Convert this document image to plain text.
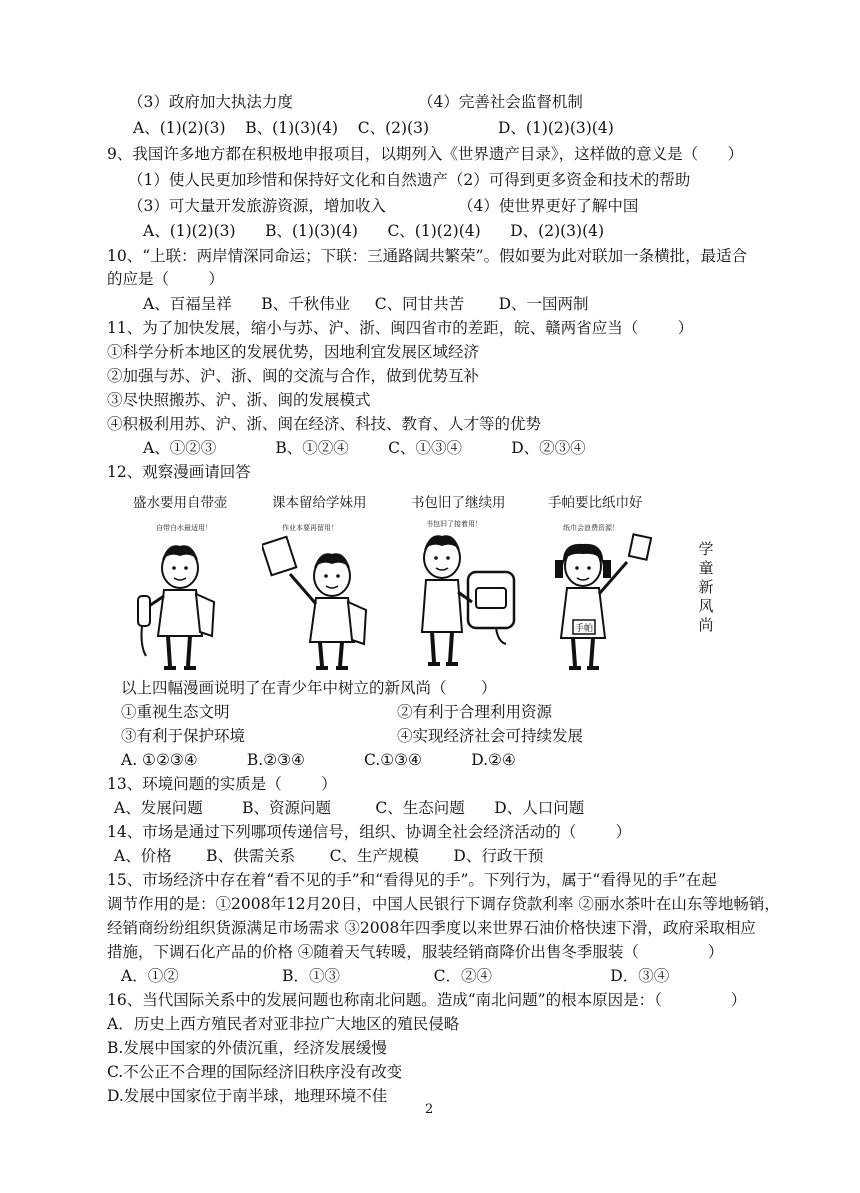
（3）政府加大执法力度	（4）完善社会监督机制
A、(1)(2)(3)    B、(1)(3)(4)    C、(2)(3)              D、(1)(2)(3)(4)
9、我国许多地方都在积极地申报项目，以期列入《世界遗产目录》，这样做的意义是（      ）
（1）使人民更加珍惜和保持好文化和自然遗产（2）可得到更多资金和技术的帮助
（3）可大量开发旅游资源，增加收入	（4）使世界更好了解中国
A、(1)(2)(3)      B、(1)(3)(4)      C、(1)(2)(4)      D、(2)(3)(4)
10、“上联：两岸情深同命运；下联：三通路阔共繁荣”。假如要为此对联加一条横批，最适合
的应是（        ）
A、百福呈祥      B、千秋伟业     C、同甘共苦       D、一国两制
11、为了加快发展，缩小与苏、沪、浙、闽四省市的差距，皖、赣两省应当（        ）
①科学分析本地区的发展优势，因地利宜发展区域经济
②加强与苏、沪、浙、闽的交流与合作，做到优势互补
③尽快照搬苏、沪、浙、闽的发展模式
④积极利用苏、沪、浙、闽在经济、科技、教育、人才等的优势
A、①②③            B、①②④        C、①③④          D、②③④
12、观察漫画请回答
盛水要用自带壶	课本留给学妹用	书包旧了继续用	手帕要比纸巾好
学童新风尚
自带白水最适用！	作业本要再留用！	书包旧了接着用！	纸巾会浪费资源！
手帕
以上四幅漫画说明了在青少年中树立的新风尚（       ）
①重视生态文明	②有利于合理利用资源
③有利于保护环境	④实现经济社会可持续发展
A. ①②③④          B.②③④            C.①③④          D.②④
13、环境问题的实质是（        ）
A、发展问题        B、资源问题         C、生态问题      D、人口问题
14、市场是通过下列哪项传递信号，组织、协调全社会经济活动的（        ）
A、价格       B、供需关系       C、生产规模       D、行政干预
15、市场经济中存在着“看不见的手”和“看得见的手”。下列行为，属于“看得见的手”在起
调节作用的是：①2008年12月20日，中国人民银行下调存贷款利率 ②丽水茶叶在山东等地畅销，
经销商纷纷组织货源满足市场需求 ③2008年四季度以来世界石油价格快速下滑，政府采取相应
措施，下调石化产品的价格 ④随着天气转暖，服装经销商降价出售冬季服装（              ）
A．①②                     B．①③                   C．②④                        D．③④
16、当代国际关系中的发展问题也称南北问题。造成“南北问题”的根本原因是：（              ）
A．历史上西方殖民者对亚非拉广大地区的殖民侵略
B.发展中国家的外债沉重，经济发展缓慢
C.不公正不合理的国际经济旧秩序没有改变
D.发展中国家位于南半球，地理环境不佳
2
